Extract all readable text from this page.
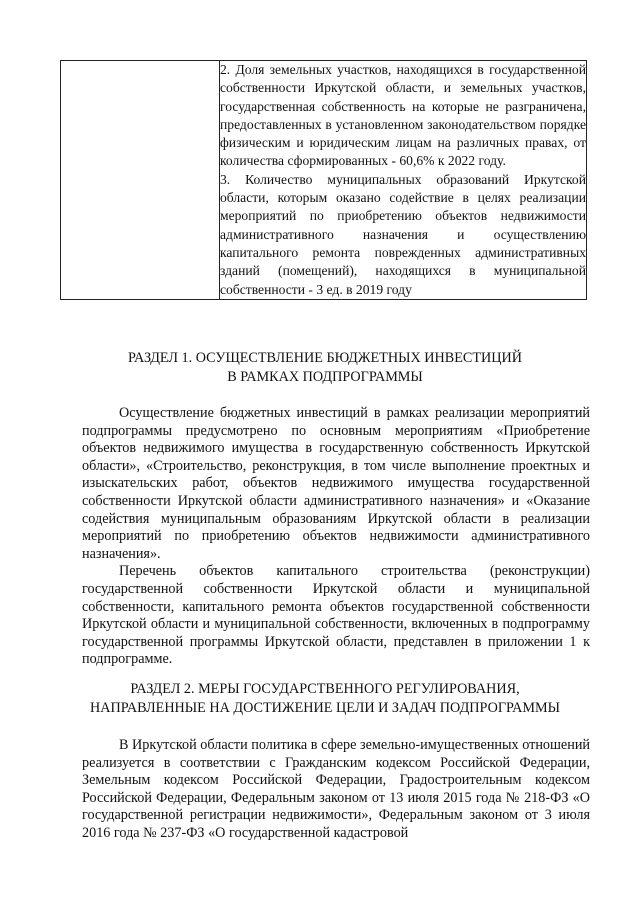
2. Доля земельных участков, находящихся в государственной собственности Иркутской области, и земельных участков, государственная собственность на которые не разграничена, предоставленных в установленном законодательством порядке физическим и юридическим лицам на различных правах, от количества сформированных - 60,6% к 2022 году.

3. Количество муниципальных образований Иркутской области, которым оказано содействие в целях реализации мероприятий по приобретению объектов недвижимости административного назначения и осуществлению капитального ремонта поврежденных административных зданий (помещений), находящихся в муниципальной собственности - 3 ед. в 2019 году

РАЗДЕЛ 1. ОСУЩЕСТВЛЕНИЕ БЮДЖЕТНЫХ ИНВЕСТИЦИЙ
В РАМКАХ ПОДПРОГРАММЫ

Осуществление бюджетных инвестиций в рамках реализации мероприятий подпрограммы предусмотрено по основным мероприятиям «Приобретение объектов недвижимого имущества в государственную собственность Иркутской области», «Строительство, реконструкция, в том числе выполнение проектных и изыскательских работ, объектов недвижимого имущества государственной собственности Иркутской области административного назначения» и «Оказание содействия муниципальным образованиям Иркутской области в реализации мероприятий по приобретению объектов недвижимости административного назначения».

Перечень объектов капитального строительства (реконструкции) государственной собственности Иркутской области и муниципальной собственности, капитального ремонта объектов государственной собственности Иркутской области и муниципальной собственности, включенных в подпрограмму государственной программы Иркутской области, представлен в приложении 1 к подпрограмме.

РАЗДЕЛ 2. МЕРЫ ГОСУДАРСТВЕННОГО РЕГУЛИРОВАНИЯ,
НАПРАВЛЕННЫЕ НА ДОСТИЖЕНИЕ ЦЕЛИ И ЗАДАЧ ПОДПРОГРАММЫ

В Иркутской области политика в сфере земельно-имущественных отношений реализуется в соответствии с Гражданским кодексом Российской Федерации, Земельным кодексом Российской Федерации, Градостроительным кодексом Российской Федерации, Федеральным законом от 13 июля 2015 года № 218-ФЗ «О государственной регистрации недвижимости», Федеральным законом от 3 июля 2016 года № 237-ФЗ «О государственной кадастровой
